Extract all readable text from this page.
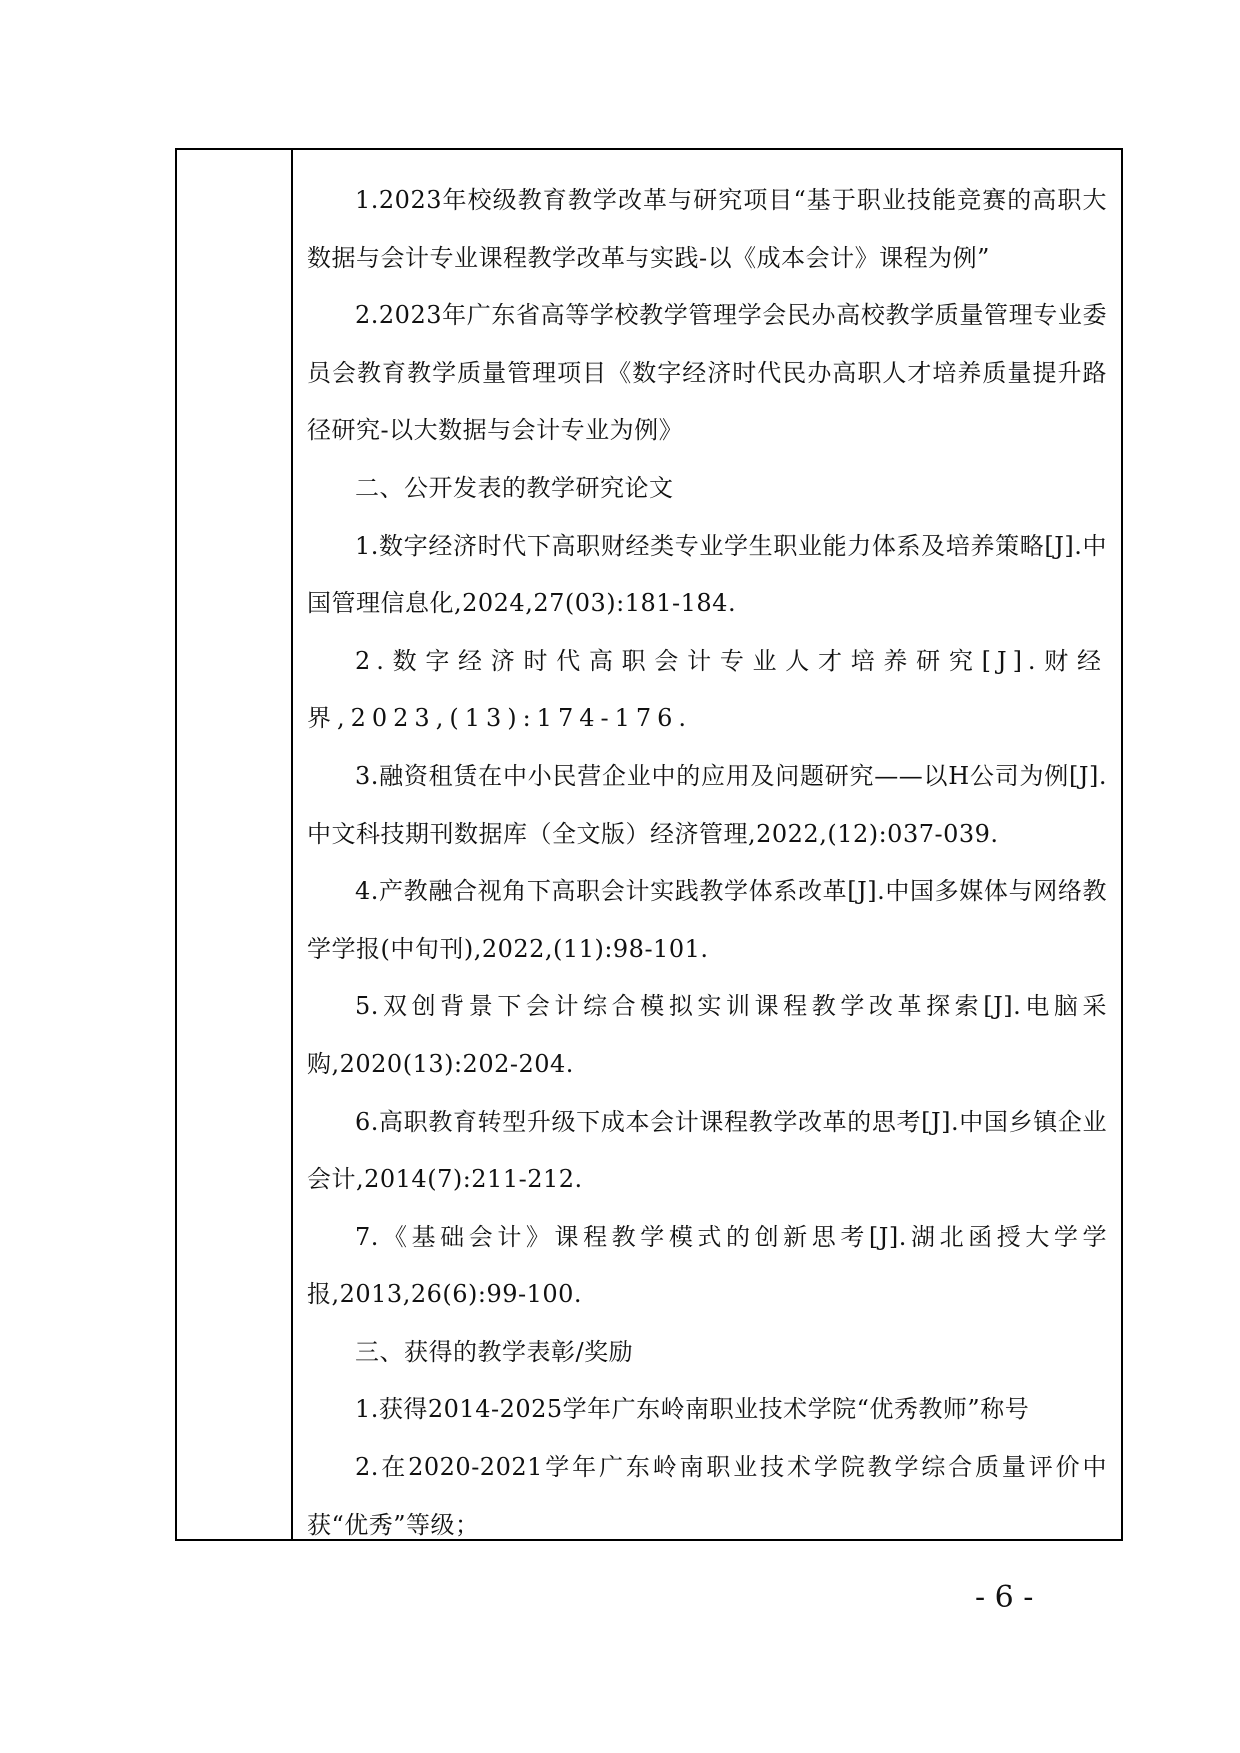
1.2023年校级教育教学改革与研究项目“基于职业技能竞赛的高职大数据与会计专业课程教学改革与实践-以《成本会计》课程为例”

2.2023年广东省高等学校教学管理学会民办高校教学质量管理专业委员会教育教学质量管理项目《数字经济时代民办高职人才培养质量提升路径研究-以大数据与会计专业为例》

二、公开发表的教学研究论文

1.数字经济时代下高职财经类专业学生职业能力体系及培养策略[J].中国管理信息化,2024,27(03):181-184.

2.数字经济时代高职会计专业人才培养研究[J].财经界,2023,(13):174-176.

3.融资租赁在中小民营企业中的应用及问题研究——以H公司为例[J].中文科技期刊数据库（全文版）经济管理,2022,(12):037-039.

4.产教融合视角下高职会计实践教学体系改革[J].中国多媒体与网络教学学报(中旬刊),2022,(11):98-101.

5.双创背景下会计综合模拟实训课程教学改革探索[J].电脑采购,2020(13):202-204.

6.高职教育转型升级下成本会计课程教学改革的思考[J].中国乡镇企业会计,2014(7):211-212.

7.《基础会计》课程教学模式的创新思考[J].湖北函授大学学报,2013,26(6):99-100.

三、获得的教学表彰/奖励

1.获得2014-2025学年广东岭南职业技术学院“优秀教师”称号

2.在2020-2021学年广东岭南职业技术学院教学综合质量评价中获“优秀”等级；

- 6 -
